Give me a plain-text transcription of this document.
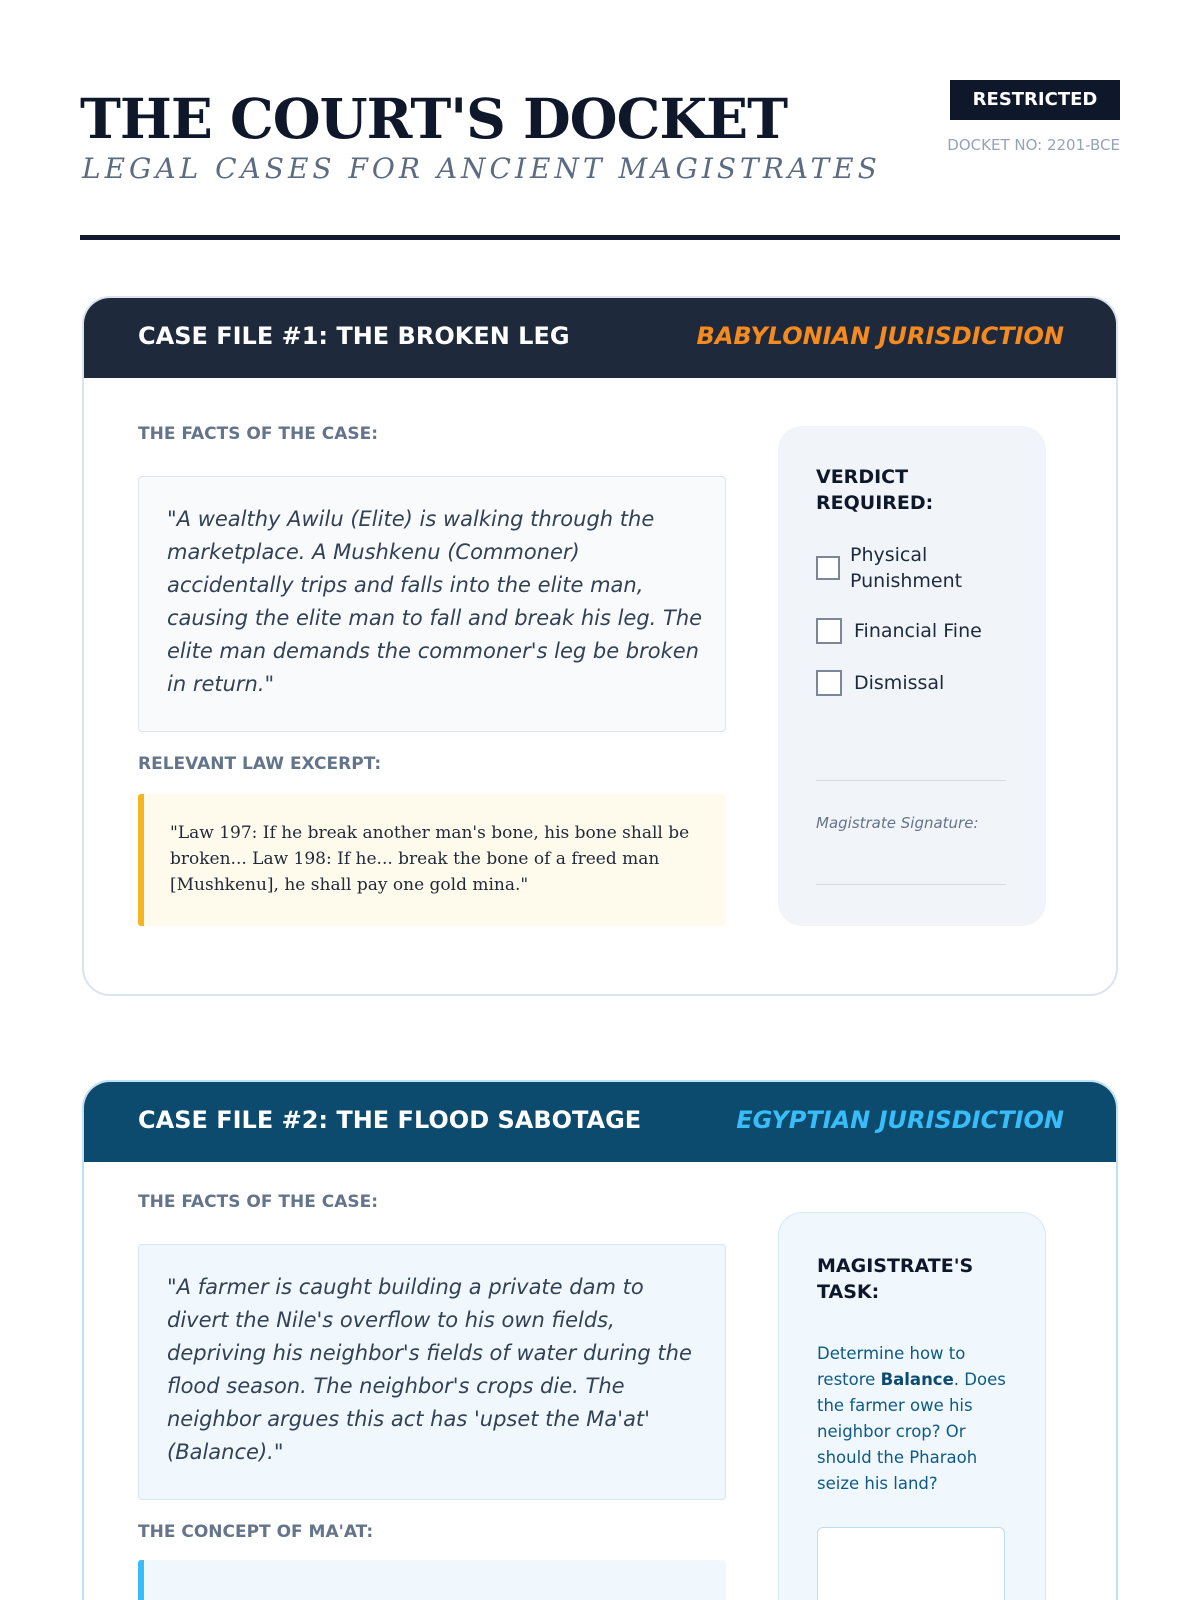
THE COURT'S DOCKET
LEGAL CASES FOR ANCIENT MAGISTRATES
RESTRICTED
DOCKET NO: 2201-BCE
CASE FILE #1: THE BROKEN LEG	BABYLONIAN JURISDICTION
THE FACTS OF THE CASE:
"A wealthy Awilu (Elite) is walking through the marketplace. A Mushkenu (Commoner) accidentally trips and falls into the elite man, causing the elite man to fall and break his leg. The elite man demands the commoner's leg be broken in return."
RELEVANT LAW EXCERPT:
"Law 197: If he break another man's bone, his bone shall be broken... Law 198: If he... break the bone of a freed man [Mushkenu], he shall pay one gold mina."
VERDICT REQUIRED:
Physical Punishment
Financial Fine
Dismissal
Magistrate Signature:
CASE FILE #2: THE FLOOD SABOTAGE	EGYPTIAN JURISDICTION
THE FACTS OF THE CASE:
"A farmer is caught building a private dam to divert the Nile's overflow to his own fields, depriving his neighbor's fields of water during the flood season. The neighbor's crops die. The neighbor argues this act has 'upset the Ma'at' (Balance)."
THE CONCEPT OF MA'AT:
MAGISTRATE'S TASK:
Determine how to restore Balance. Does the farmer owe his neighbor crop? Or should the Pharaoh seize his land?
